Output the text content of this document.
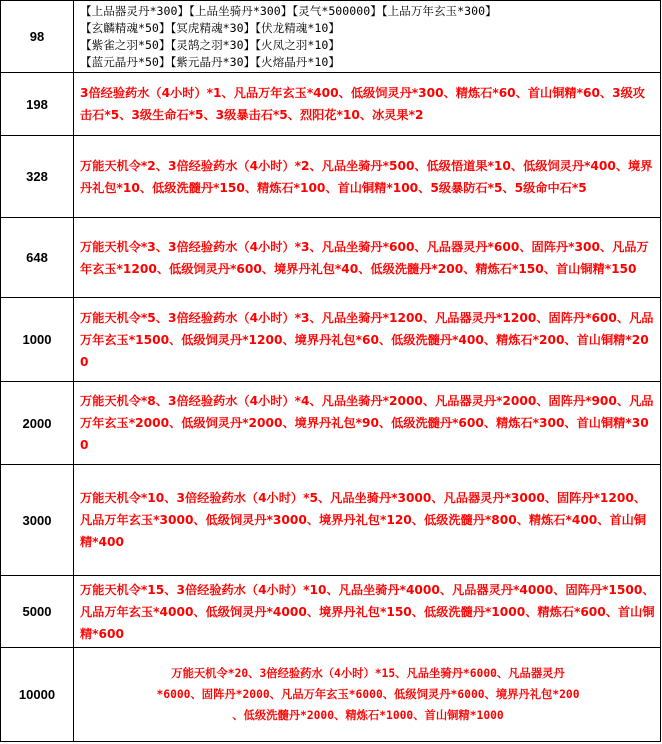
98	【上品器灵丹*300】【上品坐骑丹*300】【灵气*500000】【上品万年玄玉*300】
【玄麟精魂*50】【冥虎精魂*30】【伏龙精魂*10】
【紫雀之羽*50】【灵鹄之羽*30】【火凤之羽*10】
【蓝元晶丹*50】【紫元晶丹*30】【火熔晶丹*10】

198	3倍经验药水（4小时）*1、凡品万年玄玉*400、低级饲灵丹*300、精炼石*60、首山铜精*60、3级攻击石*5、3级生命石*5、3级暴击石*5、烈阳花*10、冰灵果*2
328	万能天机令*2、3倍经验药水（4小时）*2、凡品坐骑丹*500、低级悟道果*10、低级饲灵丹*400、境界丹礼包*10、低级洗髓丹*150、精炼石*100、首山铜精*100、5级暴防石*5、5级命中石*5
648	万能天机令*3、3倍经验药水（4小时）*3、凡品坐骑丹*600、凡品器灵丹*600、固阵丹*300、凡品万年玄玉*1200、低级饲灵丹*600、境界丹礼包*40、低级洗髓丹*200、精炼石*150、首山铜精*150
1000	万能天机令*5、3倍经验药水（4小时）*3、凡品坐骑丹*1200、凡品器灵丹*1200、固阵丹*600、凡品万年玄玉*1500、低级饲灵丹*1200、境界丹礼包*60、低级洗髓丹*400、精炼石*200、首山铜精*200
2000	万能天机令*8、3倍经验药水（4小时）*4、凡品坐骑丹*2000、凡品器灵丹*2000、固阵丹*900、凡品万年玄玉*2000、低级饲灵丹*2000、境界丹礼包*90、低级洗髓丹*600、精炼石*300、首山铜精*300
3000	万能天机令*10、3倍经验药水（4小时）*5、凡品坐骑丹*3000、凡品器灵丹*3000、固阵丹*1200、凡品万年玄玉*3000、低级饲灵丹*3000、境界丹礼包*120、低级洗髓丹*800、精炼石*400、首山铜精*400
5000	万能天机令*15、3倍经验药水（4小时）*10、凡品坐骑丹*4000、凡品器灵丹*4000、固阵丹*1500、凡品万年玄玉*4000、低级饲灵丹*4000、境界丹礼包*150、低级洗髓丹*1000、精炼石*600、首山铜精*600
10000	万能天机令*20、3倍经验药水（4小时）*15、凡品坐骑丹*6000、凡品器灵丹
*6000、固阵丹*2000、凡品万年玄玉*6000、低级饲灵丹*6000、境界丹礼包*200
、低级洗髓丹*2000、精炼石*1000、首山铜精*1000
